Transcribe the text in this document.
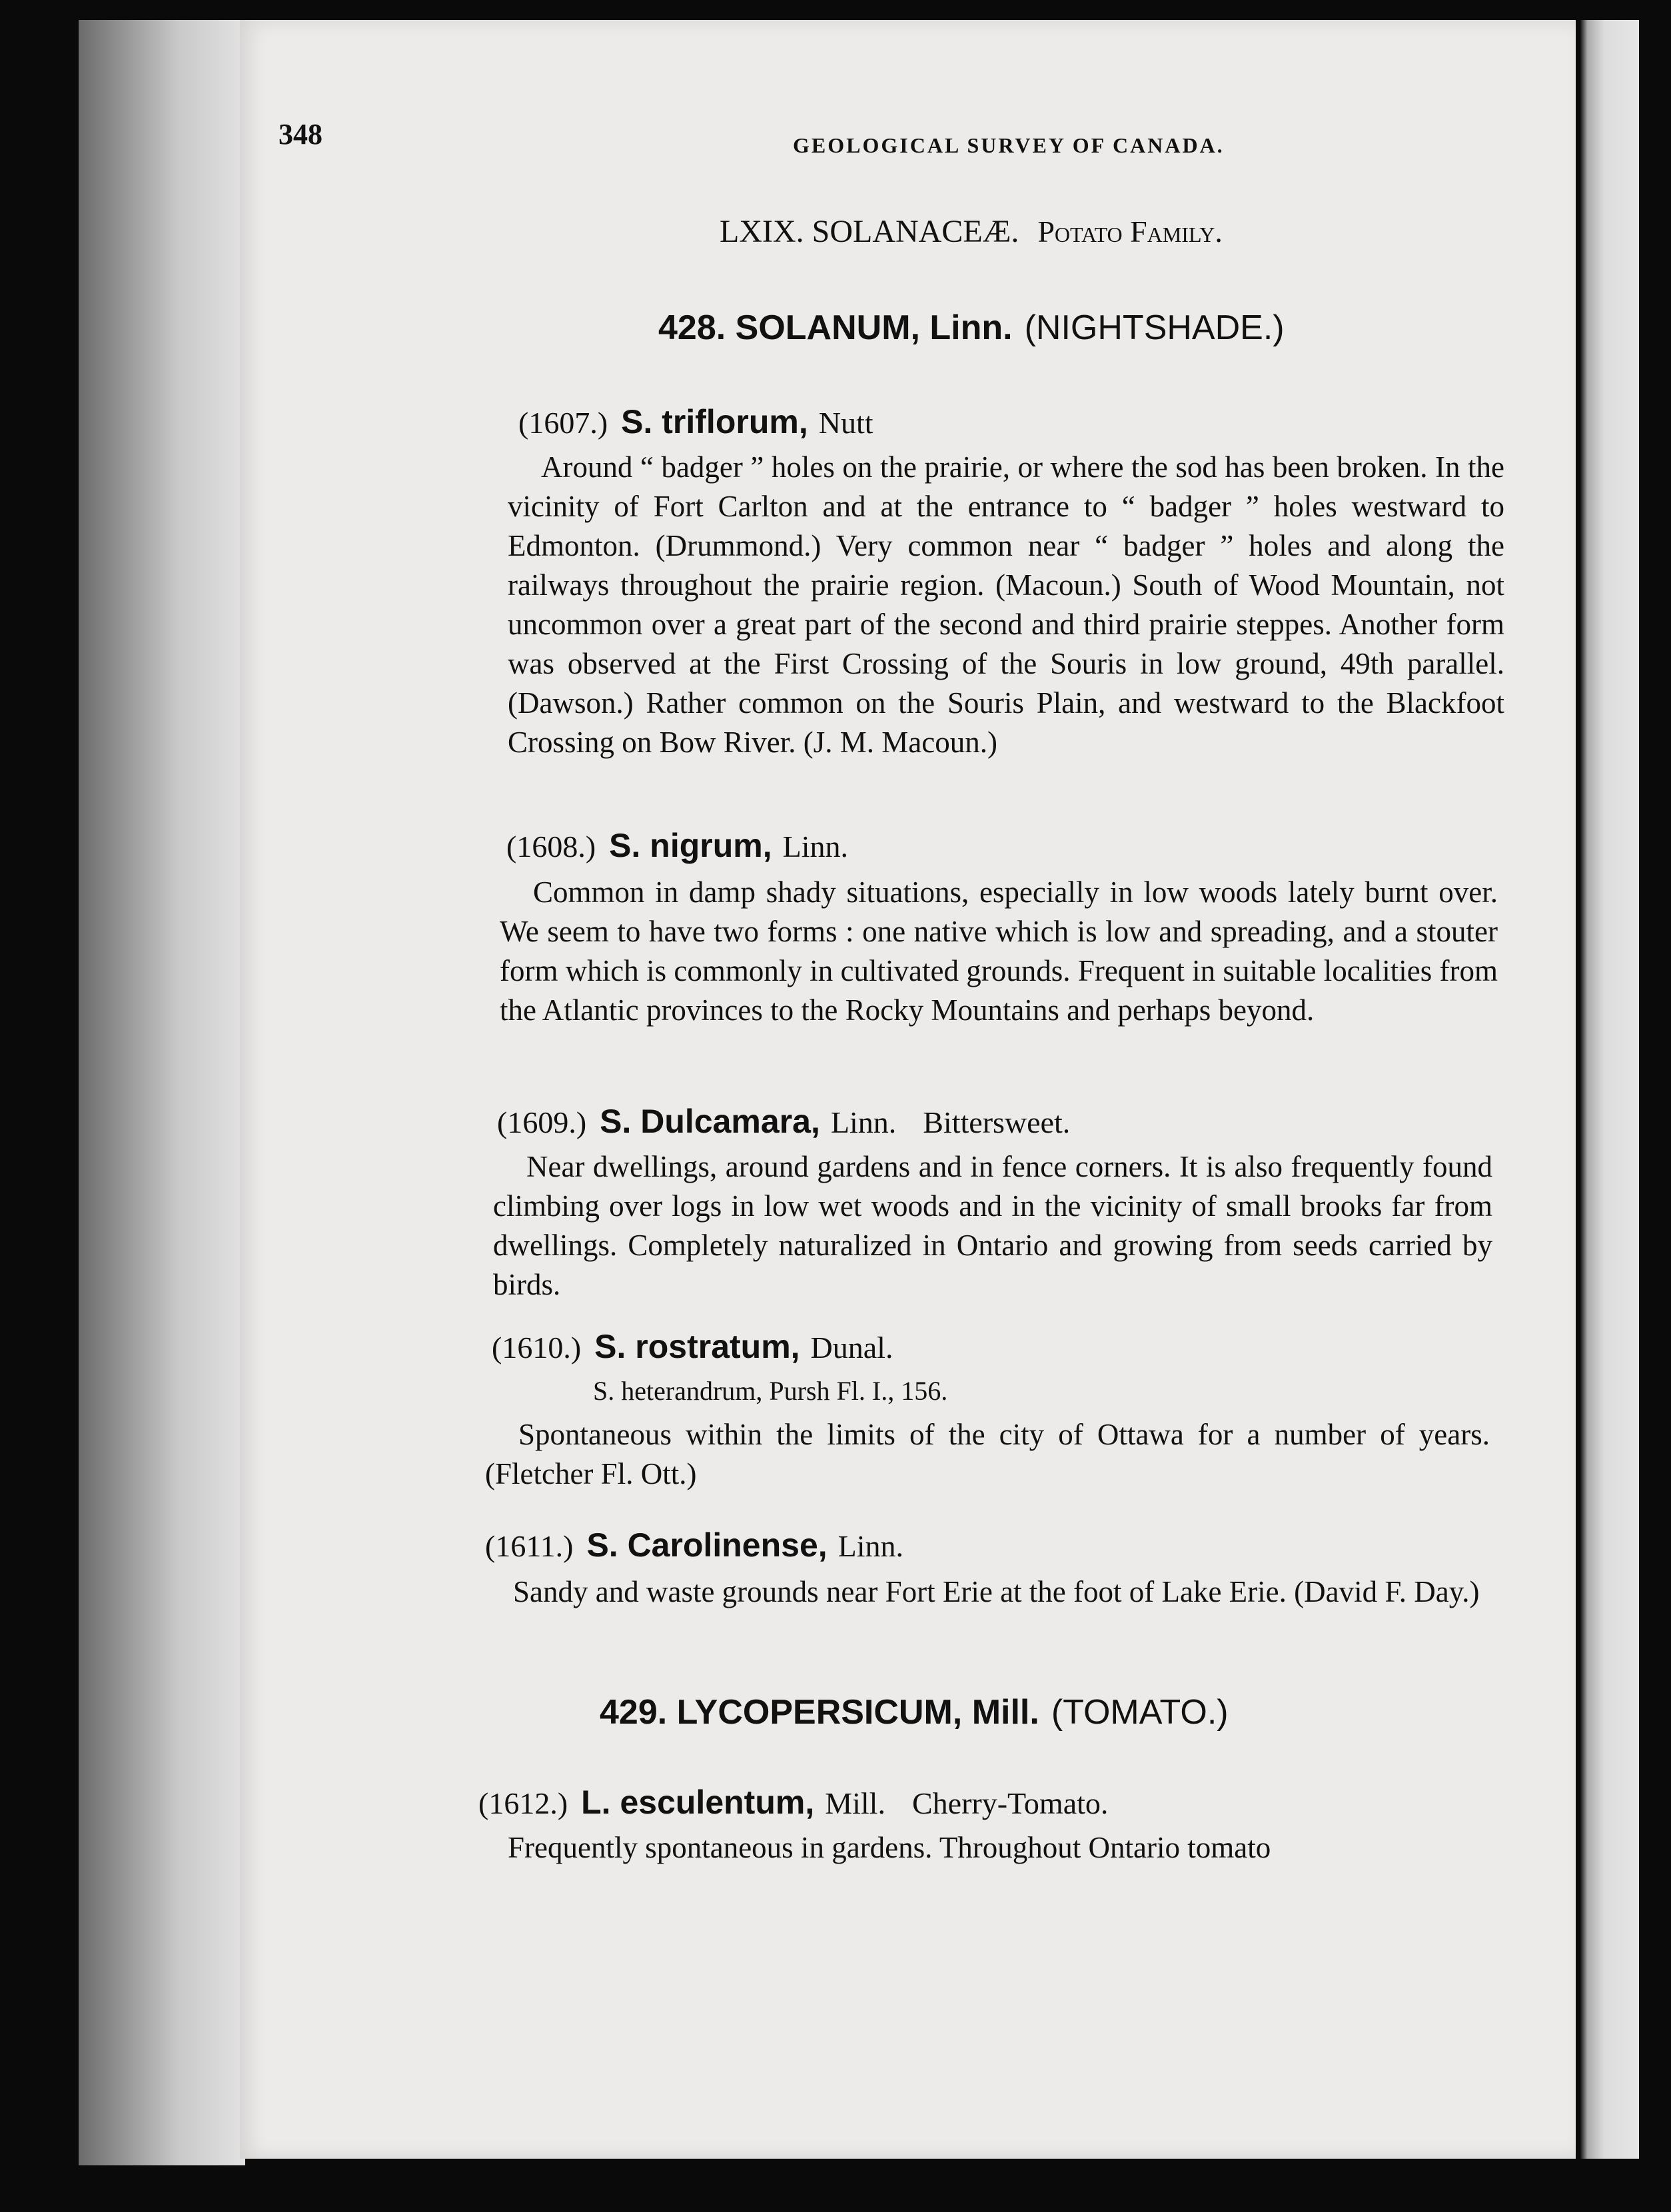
348	GEOLOGICAL SURVEY OF CANADA.
LXIX. SOLANACEÆ. Potato Family.
428. SOLANUM, Linn. (NIGHTSHADE.)
(1607.) S. triflorum, Nutt
Around “ badger ” holes on the prairie, or where the sod has been broken. In the vicinity of Fort Carlton and at the entrance to “ badger ” holes westward to Edmonton. (Drummond.) Very common near “ badger ” holes and along the railways throughout the prairie region. (Macoun.) South of Wood Mountain, not uncommon over a great part of the second and third prairie steppes. Another form was observed at the First Crossing of the Souris in low ground, 49th parallel. (Dawson.) Rather common on the Souris Plain, and westward to the Blackfoot Crossing on Bow River. (J. M. Macoun.)
(1608.) S. nigrum, Linn.
Common in damp shady situations, especially in low woods lately burnt over. We seem to have two forms : one native which is low and spreading, and a stouter form which is commonly in cultivated grounds. Frequent in suitable localities from the Atlantic provinces to the Rocky Mountains and perhaps beyond.
(1609.) S. Dulcamara, Linn. Bittersweet.
Near dwellings, around gardens and in fence corners. It is also frequently found climbing over logs in low wet woods and in the vicinity of small brooks far from dwellings. Completely naturalized in Ontario and growing from seeds carried by birds.
(1610.) S. rostratum, Dunal.
S. heterandrum, Pursh Fl. I., 156.
Spontaneous within the limits of the city of Ottawa for a number of years. (Fletcher Fl. Ott.)
(1611.) S. Carolinense, Linn.
Sandy and waste grounds near Fort Erie at the foot of Lake Erie. (David F. Day.)
429. LYCOPERSICUM, Mill. (TOMATO.)
(1612.) L. esculentum, Mill. Cherry-Tomato.
Frequently spontaneous in gardens. Throughout Ontario tomato
